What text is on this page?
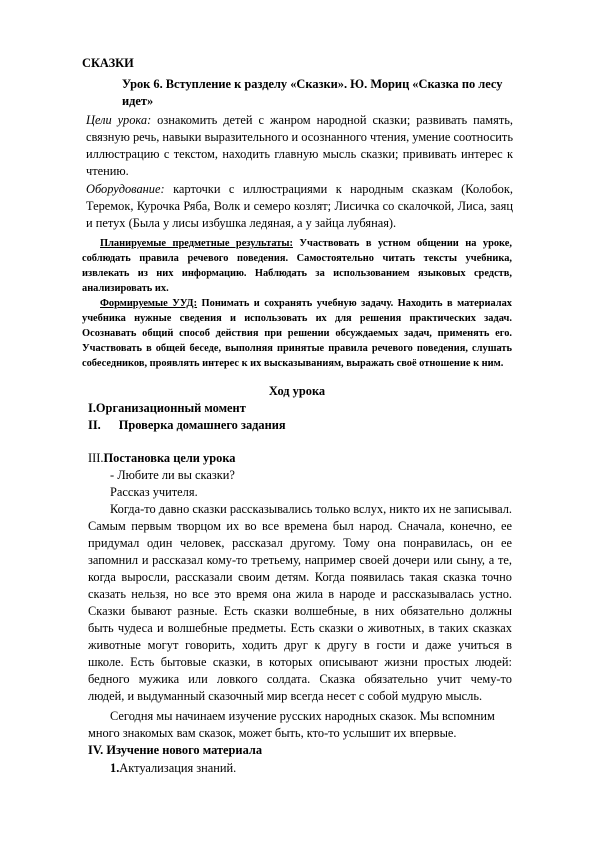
СКАЗКИ
Урок 6. Вступление к разделу «Сказки». Ю. Мориц «Сказка по лесу идет»
Цели урока: ознакомить детей с жанром народной сказки; развивать память, связную речь, навыки выразительного и осознанного чтения, умение соотносить иллюстрацию с текстом, находить главную мысль сказки; прививать интерес к чтению.
Оборудование: карточки с иллюстрациями к народным сказкам (Колобок, Теремок, Курочка Ряба, Волк и семеро козлят; Лисичка со скалочкой, Лиса, заяц и петух (Была у лисы избушка ледяная, а у зайца лубяная).
Планируемые предметные результаты: Участвовать в устном общении на уроке, соблюдать правила речевого поведения. Самостоятельно читать тексты учебника, извлекать из них информацию. Наблюдать за использованием языковых средств, анализировать их.
Формируемые УУД: Понимать и сохранять учебную задачу. Находить в материалах учебника нужные сведения и использовать их для решения практических задач. Осознавать общий способ действия при решении обсуждаемых задач, применять его. Участвовать в общей беседе, выполняя принятые правила речевого поведения, слушать собеседников, проявлять интерес к их высказываниям, выражать своё отношение к ним.
Ход урока
I.Организационный момент
II. Проверка домашнего задания
III.Постановка цели урока
- Любите ли вы сказки?
Рассказ учителя.
Когда-то давно сказки рассказывались только вслух, никто их не записывал.
Самым первым творцом их во все времена был народ. Сначала, конечно, ее
придумал один человек, рассказал другому. Тому она понравилась, он ее
запомнил и рассказал кому-то третьему, например своей дочери или сыну, а те,
когда выросли, рассказали своим детям. Когда появилась такая сказка точно
сказать нельзя, но все это время она жила в народе и рассказывалась устно.
Сказки бывают разные. Есть сказки волшебные, в них обязательно должны
быть чудеса и волшебные предметы. Есть сказки о животных, в таких сказках
животные могут говорить, ходить друг к другу в гости и даже учиться в
школе. Есть бытовые сказки, в которых описывают жизни простых людей:
бедного мужика или ловкого солдата. Сказка обязательно учит чему-то
людей, и выдуманный сказочный мир всегда несет с собой мудрую мысль.
Сегодня мы начинаем изучение русских народных сказок. Мы вспомним
много знакомых вам сказок, может быть, кто-то услышит их впервые.
IV. Изучение нового материала
1.Актуализация знаний.
